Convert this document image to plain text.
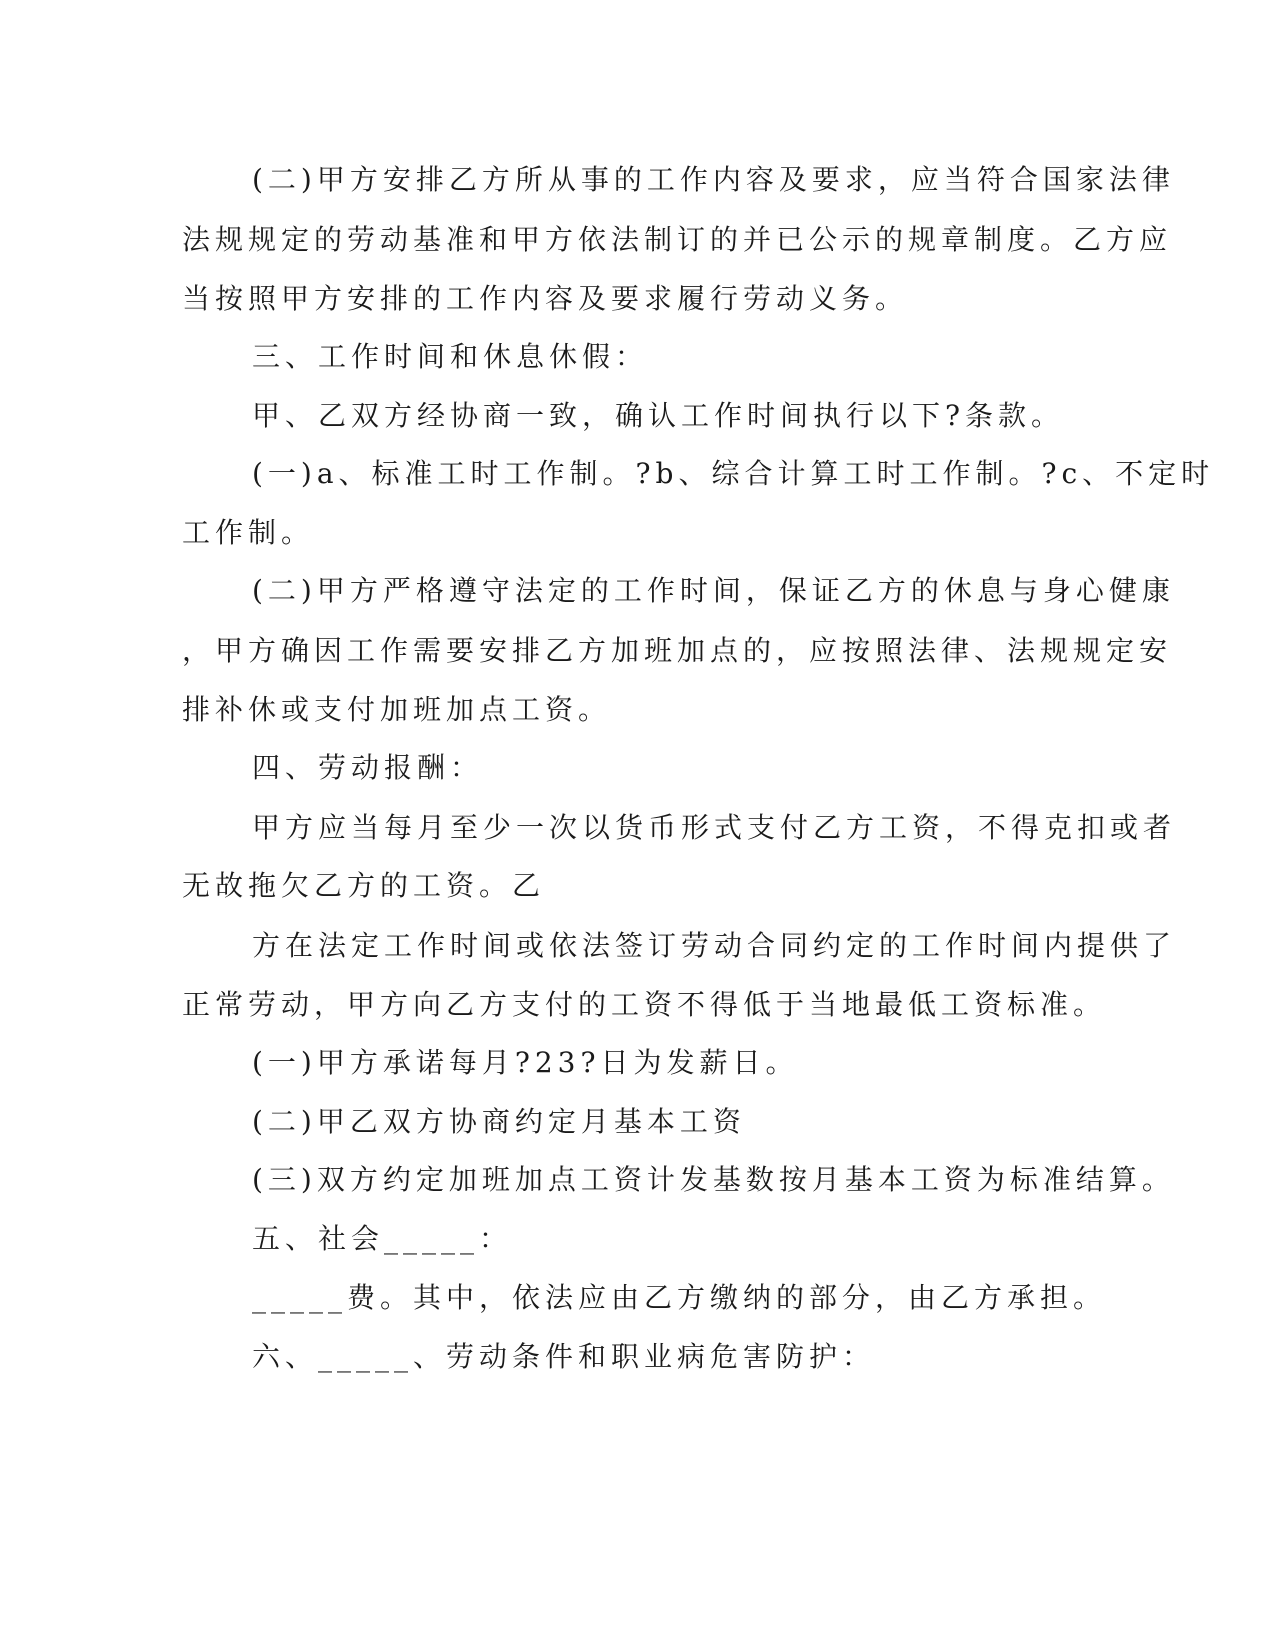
(二)甲方安排乙方所从事的工作内容及要求，应当符合国家法律
法规规定的劳动基准和甲方依法制订的并已公示的规章制度。乙方应
当按照甲方安排的工作内容及要求履行劳动义务。
三、工作时间和休息休假：
甲、乙双方经协商一致，确认工作时间执行以下?条款。
(一)a、标准工时工作制。?b、综合计算工时工作制。?c、不定时
工作制。
(二)甲方严格遵守法定的工作时间，保证乙方的休息与身心健康
，甲方确因工作需要安排乙方加班加点的，应按照法律、法规规定安
排补休或支付加班加点工资。
四、劳动报酬：
甲方应当每月至少一次以货币形式支付乙方工资，不得克扣或者
无故拖欠乙方的工资。乙
方在法定工作时间或依法签订劳动合同约定的工作时间内提供了
正常劳动，甲方向乙方支付的工资不得低于当地最低工资标准。
(一)甲方承诺每月?23?日为发薪日。
(二)甲乙双方协商约定月基本工资
(三)双方约定加班加点工资计发基数按月基本工资为标准结算。
五、社会_____：
_____费。其中，依法应由乙方缴纳的部分，由乙方承担。
六、_____、劳动条件和职业病危害防护：
